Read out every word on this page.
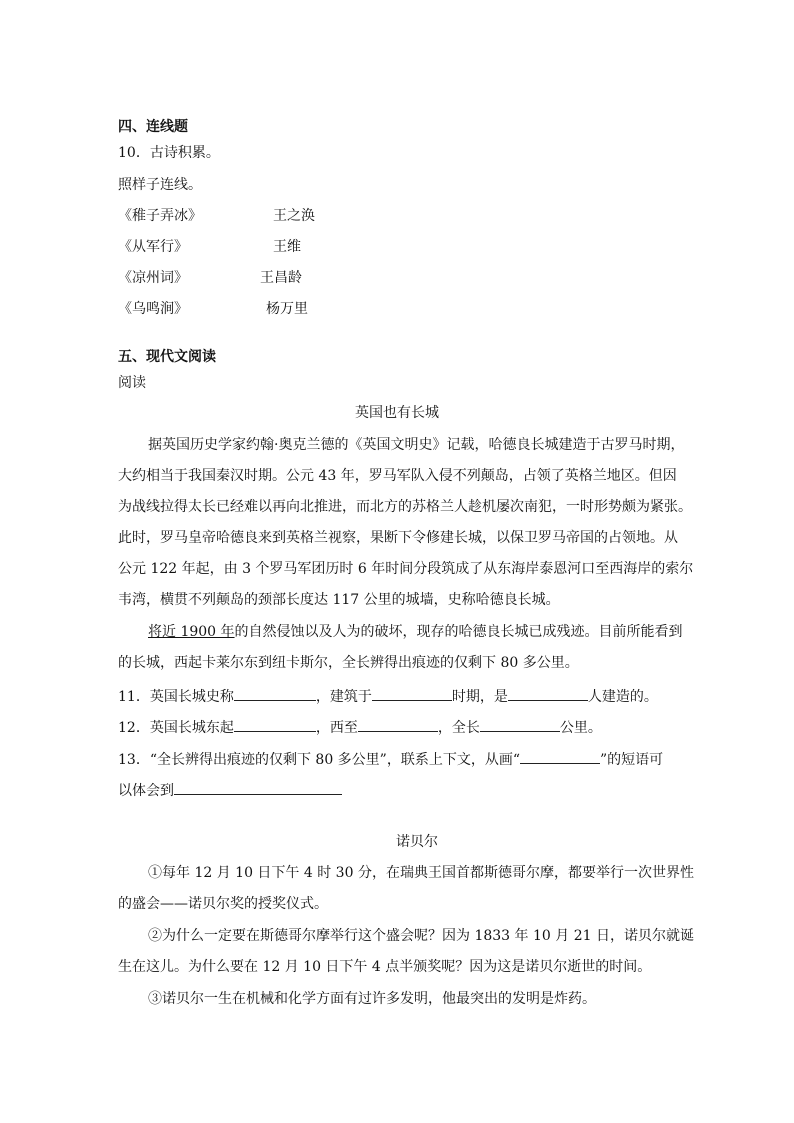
四、连线题
10．古诗积累。
照样子连线。
《稚子弄冰》	王之涣
《从军行》	王维
《凉州词》	王昌龄
《乌鸣涧》	杨万里
五、现代文阅读
阅读
英国也有长城
据英国历史学家约翰·奥克兰德的《英国文明史》记载，哈德良长城建造于古罗马时期，
大约相当于我国秦汉时期。公元 43 年，罗马军队入侵不列颠岛，占领了英格兰地区。但因
为战线拉得太长已经难以再向北推进，而北方的苏格兰人趁机屡次南犯，一时形势颇为紧张。
此时，罗马皇帝哈德良来到英格兰视察，果断下令修建长城，以保卫罗马帝国的占领地。从
公元 122 年起，由 3 个罗马军团历时 6 年时间分段筑成了从东海岸泰恩河口至西海岸的索尔
韦湾，横贯不列颠岛的颈部长度达 117 公里的城墙，史称哈德良长城。
将近 1900 年的自然侵蚀以及人为的破坏，现存的哈德良长城已成残迹。目前所能看到
的长城，西起卡莱尔东到纽卡斯尔，全长辨得出痕迹的仅剩下 80 多公里。
11．英国长城史称	，建筑于	时期，是	人建造的。
12．英国长城东起	，西至	，全长	公里。
13．“全长辨得出痕迹的仅剩下 80 多公里”，联系上下文，从画“	”的短语可
以体会到
诺贝尔
①每年 12 月 10 日下午 4 时 30 分，在瑞典王国首都斯德哥尔摩，都要举行一次世界性
的盛会——诺贝尔奖的授奖仪式。
②为什么一定要在斯德哥尔摩举行这个盛会呢？因为 1833 年 10 月 21 日，诺贝尔就诞
生在这儿。为什么要在 12 月 10 日下午 4 点半颁奖呢？因为这是诺贝尔逝世的时间。
③诺贝尔一生在机械和化学方面有过许多发明，他最突出的发明是炸药。
